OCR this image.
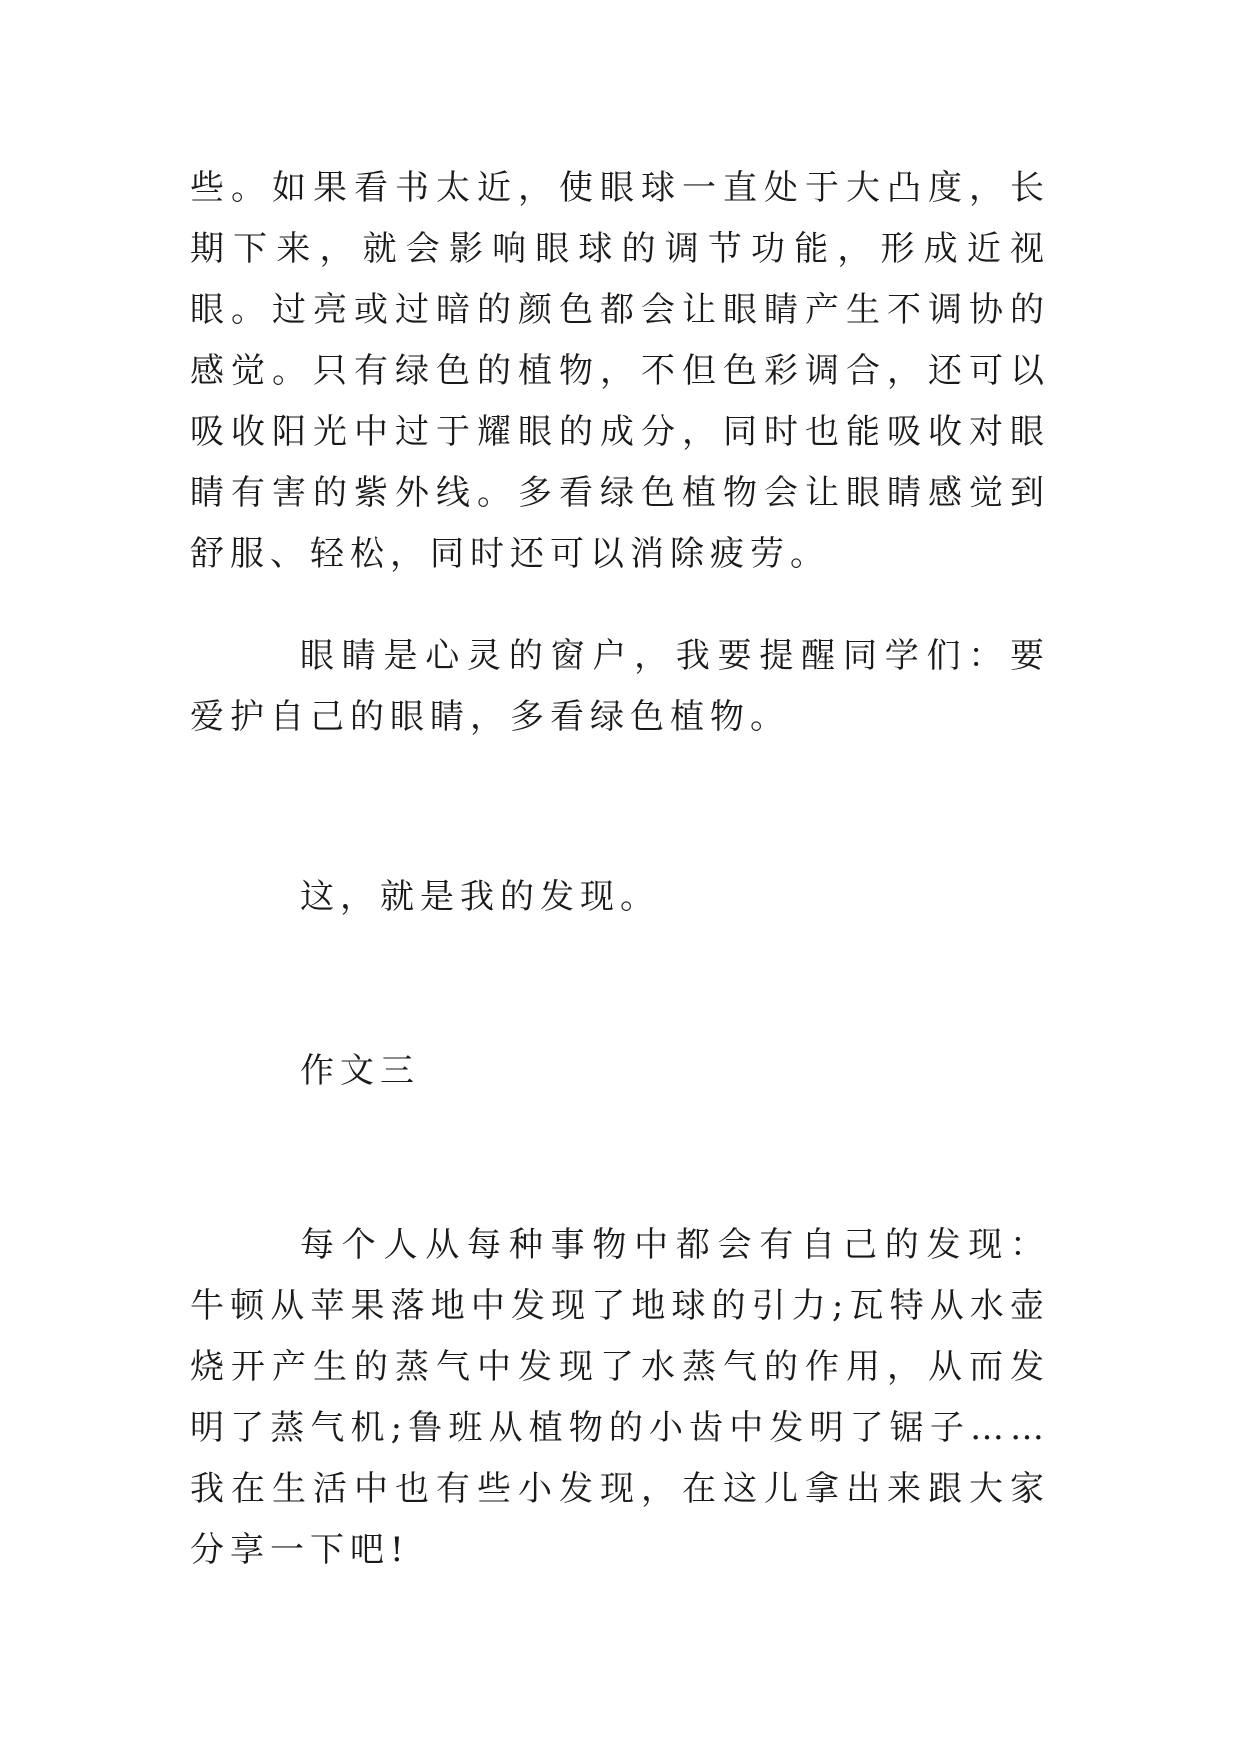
些。如果看书太近，使眼球一直处于大凸度，长期下来，就会影响眼球的调节功能，形成近视眼。过亮或过暗的颜色都会让眼睛产生不调协的感觉。只有绿色的植物，不但色彩调合，还可以吸收阳光中过于耀眼的成分，同时也能吸收对眼睛有害的紫外线。多看绿色植物会让眼睛感觉到舒服、轻松，同时还可以消除疲劳。

眼睛是心灵的窗户，我要提醒同学们：要爱护自己的眼睛，多看绿色植物。

这，就是我的发现。

作文三

每个人从每种事物中都会有自己的发现：牛顿从苹果落地中发现了地球的引力;瓦特从水壶烧开产生的蒸气中发现了水蒸气的作用，从而发明了蒸气机;鲁班从植物的小齿中发明了锯子……我在生活中也有些小发现，在这儿拿出来跟大家分享一下吧!
